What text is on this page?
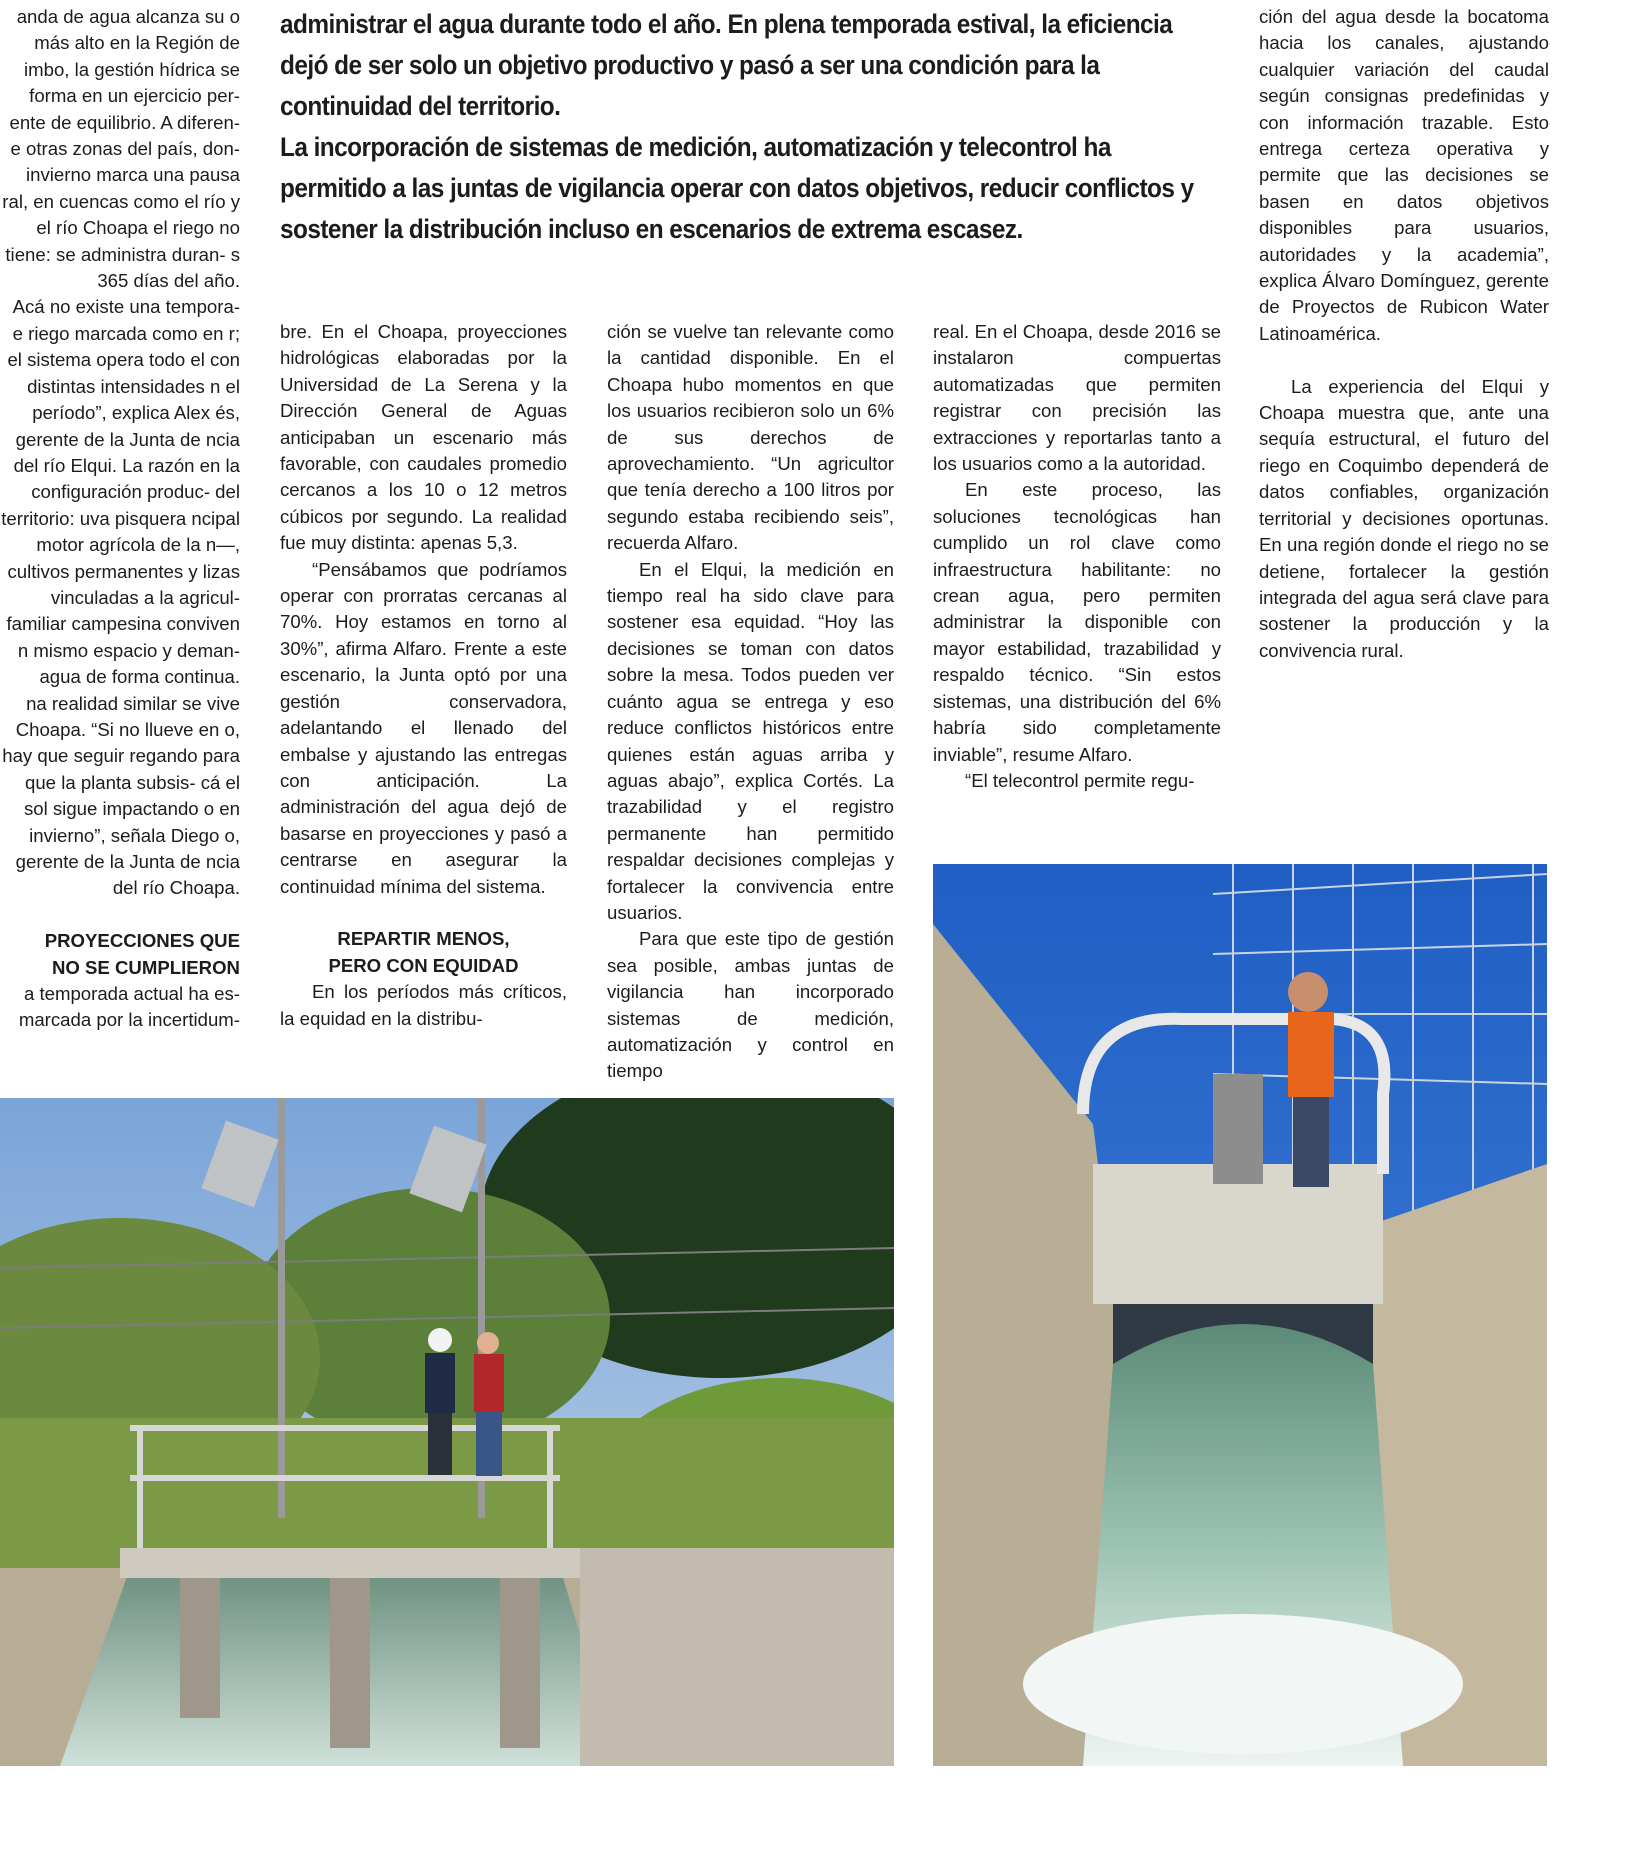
anda de agua alcanza su o más alto en la Región de imbo, la gestión hídrica se forma en un ejercicio per- ente de equilibrio. A diferen- e otras zonas del país, don- invierno marca una pausa ral, en cuencas como el río y el río Choapa el riego no tiene: se administra duran- s 365 días del año.

Acá no existe una tempora- e riego marcada como en r; el sistema opera todo el con distintas intensidades n el período”, explica Alex és, gerente de la Junta de ncia del río Elqui. La razón en la configuración produc- del territorio: uva pisquera ncipal motor agrícola de la n—, cultivos permanentes y lizas vinculadas a la agricul- familiar campesina conviven n mismo espacio y deman- agua de forma continua.

na realidad similar se vive Choapa. “Si no llueve en o, hay que seguir regando para que la planta subsis- cá el sol sigue impactando o en invierno”, señala Diego o, gerente de la Junta de ncia del río Choapa.

PROYECCIONES QUE
NO SE CUMPLIERON

a temporada actual ha es- marcada por la incertidum-

administrar el agua durante todo el año. En plena temporada estival, la eficiencia dejó de ser solo un objetivo productivo y pasó a ser una condición para la continuidad del territorio.

La incorporación de sistemas de medición, automatización y telecontrol ha permitido a las juntas de vigilancia operar con datos objetivos, reducir conflictos y sostener la distribución incluso en escenarios de extrema escasez.

bre. En el Choapa, proyecciones hidrológicas elaboradas por la Universidad de La Serena y la Dirección General de Aguas anticipaban un escenario más favorable, con caudales promedio cercanos a los 10 o 12 metros cúbicos por segundo. La realidad fue muy distinta: apenas 5,3.

“Pensábamos que podríamos operar con prorratas cercanas al 70%. Hoy estamos en torno al 30%”, afirma Alfaro. Frente a este escenario, la Junta optó por una gestión conservadora, adelantando el llenado del embalse y ajustando las entregas con anticipación. La administración del agua dejó de basarse en proyecciones y pasó a centrarse en asegurar la continuidad mínima del sistema.

REPARTIR MENOS,
PERO CON EQUIDAD

En los períodos más críticos, la equidad en la distribu-

ción se vuelve tan relevante como la cantidad disponible. En el Choapa hubo momentos en que los usuarios recibieron solo un 6% de sus derechos de aprovechamiento. “Un agricultor que tenía derecho a 100 litros por segundo estaba recibiendo seis”, recuerda Alfaro.

En el Elqui, la medición en tiempo real ha sido clave para sostener esa equidad. “Hoy las decisiones se toman con datos sobre la mesa. Todos pueden ver cuánto agua se entrega y eso reduce conflictos históricos entre quienes están aguas arriba y aguas abajo”, explica Cortés. La trazabilidad y el registro permanente han permitido respaldar decisiones complejas y fortalecer la convivencia entre usuarios.

Para que este tipo de gestión sea posible, ambas juntas de vigilancia han incorporado sistemas de medición, automatización y control en tiempo

real. En el Choapa, desde 2016 se instalaron compuertas automatizadas que permiten registrar con precisión las extracciones y reportarlas tanto a los usuarios como a la autoridad.

En este proceso, las soluciones tecnológicas han cumplido un rol clave como infraestructura habilitante: no crean agua, pero permiten administrar la disponible con mayor estabilidad, trazabilidad y respaldo técnico. “Sin estos sistemas, una distribución del 6% habría sido completamente inviable”, resume Alfaro.

“El telecontrol permite regu-

ción del agua desde la bocatoma hacia los canales, ajustando cualquier variación del caudal según consignas predefinidas y con información trazable. Esto entrega certeza operativa y permite que las decisiones se basen en datos objetivos disponibles para usuarios, autoridades y la academia”, explica Álvaro Domínguez, gerente de Proyectos de Rubicon Water Latinoamérica.

La experiencia del Elqui y Choapa muestra que, ante una sequía estructural, el futuro del riego en Coquimbo dependerá de datos confiables, organización territorial y decisiones oportunas. En una región donde el riego no se detiene, fortalecer la gestión integrada del agua será clave para sostener la producción y la convivencia rural.
